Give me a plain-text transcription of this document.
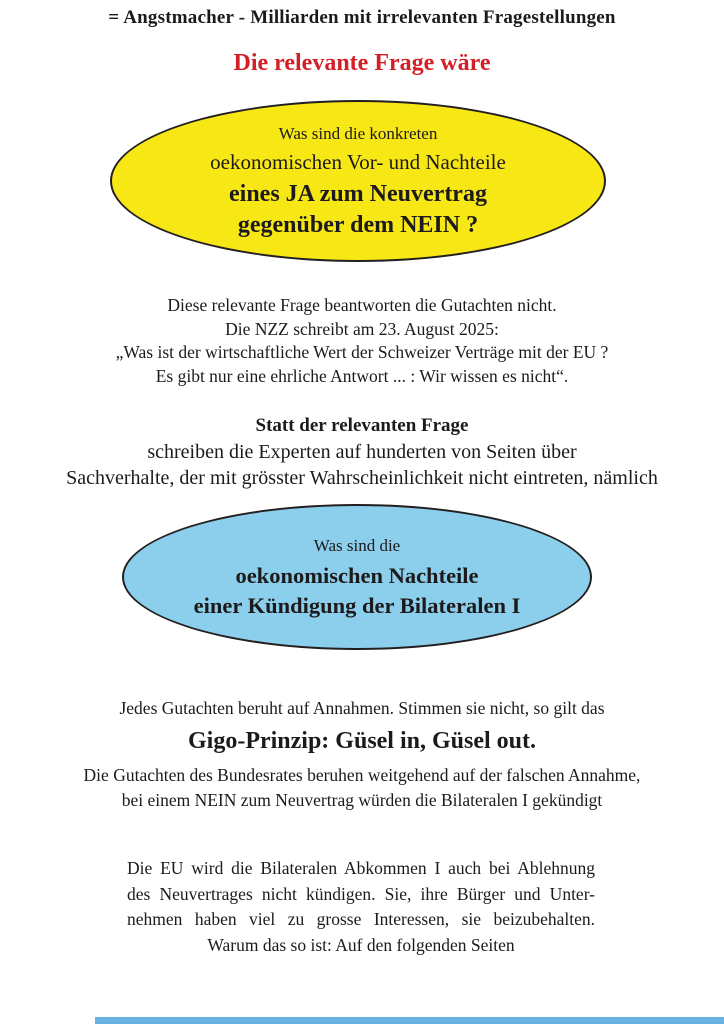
= Angstmacher - Milliarden mit irrelevanten Fragestellungen
Die relevante Frage wäre
Was sind die konkreten
oekonomischen Vor- und Nachteile
eines JA zum Neuvertrag
gegenüber dem NEIN ?
Diese relevante Frage beantworten die Gutachten nicht.
Die NZZ schreibt am 23. August 2025:
„Was ist der wirtschaftliche Wert der Schweizer Verträge mit der EU ?
Es gibt nur eine ehrliche Antwort ... : Wir wissen es nicht“.
Statt der relevanten Frage
schreiben die Experten auf hunderten von Seiten über
Sachverhalte, der mit grösster Wahrscheinlichkeit nicht eintreten, nämlich
Was sind die
oekonomischen Nachteile
einer Kündigung der Bilateralen I
Jedes Gutachten beruht auf Annahmen. Stimmen sie nicht, so gilt das
Gigo-Prinzip: Güsel in, Güsel out.
Die Gutachten des Bundesrates beruhen weitgehend auf der falschen Annahme,
bei einem NEIN zum Neuvertrag würden die Bilateralen I gekündigt
Die EU wird die Bilateralen Abkommen I auch bei Ablehnung
des Neuvertrages nicht kündigen. Sie, ihre Bürger und Unter-
nehmen haben viel zu grosse Interessen, sie beizubehalten.
Warum das so ist: Auf den folgenden Seiten
